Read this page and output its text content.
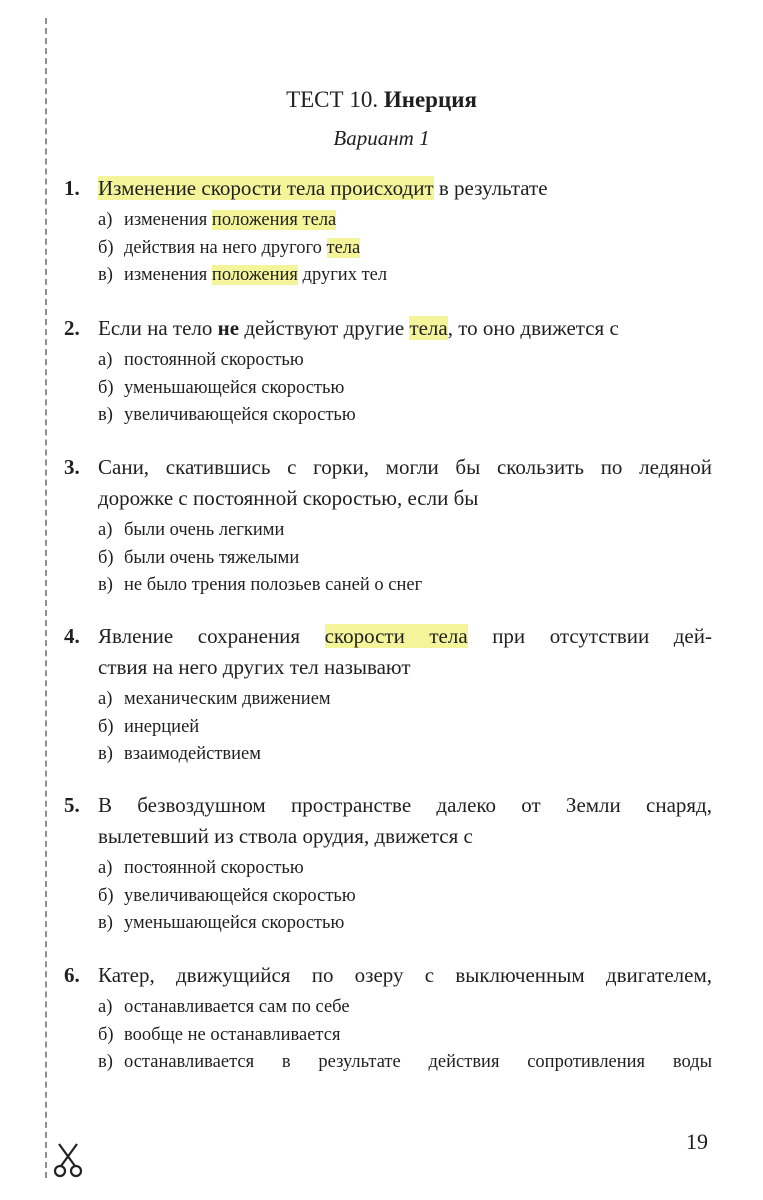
ТЕСТ 10. Инерция
Вариант 1
1. Изменение скорости тела происходит в результате
а) изменения положения тела
б) действия на него другого тела
в) изменения положения других тел
2. Если на тело не действуют другие тела, то оно движется с
а) постоянной скоростью
б) уменьшающейся скоростью
в) увеличивающейся скоростью
3. Сани, скатившись с горки, могли бы скользить по ледяной
дорожке с постоянной скоростью, если бы
а) были очень легкими
б) были очень тяжелыми
в) не было трения полозьев саней о снег
4. Явление сохранения скорости тела при отсутствии дей-
ствия на него других тел называют
а) механическим движением
б) инерцией
в) взаимодействием
5. В безвоздушном пространстве далеко от Земли снаряд,
вылетевший из ствола орудия, движется с
а) постоянной скоростью
б) увеличивающейся скоростью
в) уменьшающейся скоростью
6. Катер, движущийся по озеру с выключенным двигателем,
а) останавливается сам по себе
б) вообще не останавливается
в) останавливается в результате действия сопротивления воды
19
